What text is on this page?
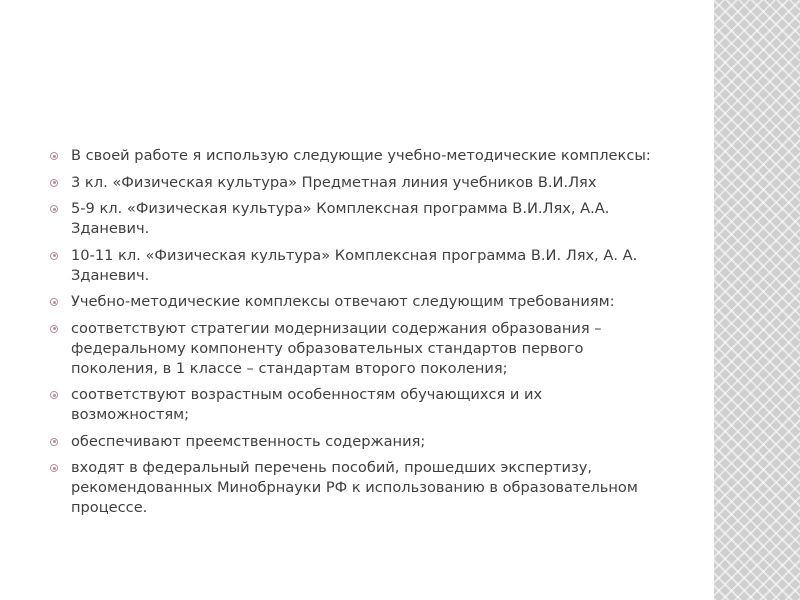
В своей работе я использую следующие учебно-методические комплексы:
3 кл. «Физическая культура» Предметная линия учебников В.И.Лях
5-9 кл. «Физическая культура» Комплексная программа В.И.Лях, А.А. Зданевич.
10-11 кл. «Физическая культура» Комплексная программа В.И. Лях, А. А. Зданевич.
Учебно-методические комплексы отвечают следующим требованиям:
соответствуют стратегии модернизации содержания образования – федеральному компоненту образовательных стандартов первого поколения, в 1 классе – стандартам второго поколения;
соответствуют возрастным особенностям обучающихся и их возможностям;
обеспечивают преемственность содержания;
входят в федеральный перечень пособий, прошедших экспертизу, рекомендованных Минобрнауки РФ к использованию в образовательном процессе.
